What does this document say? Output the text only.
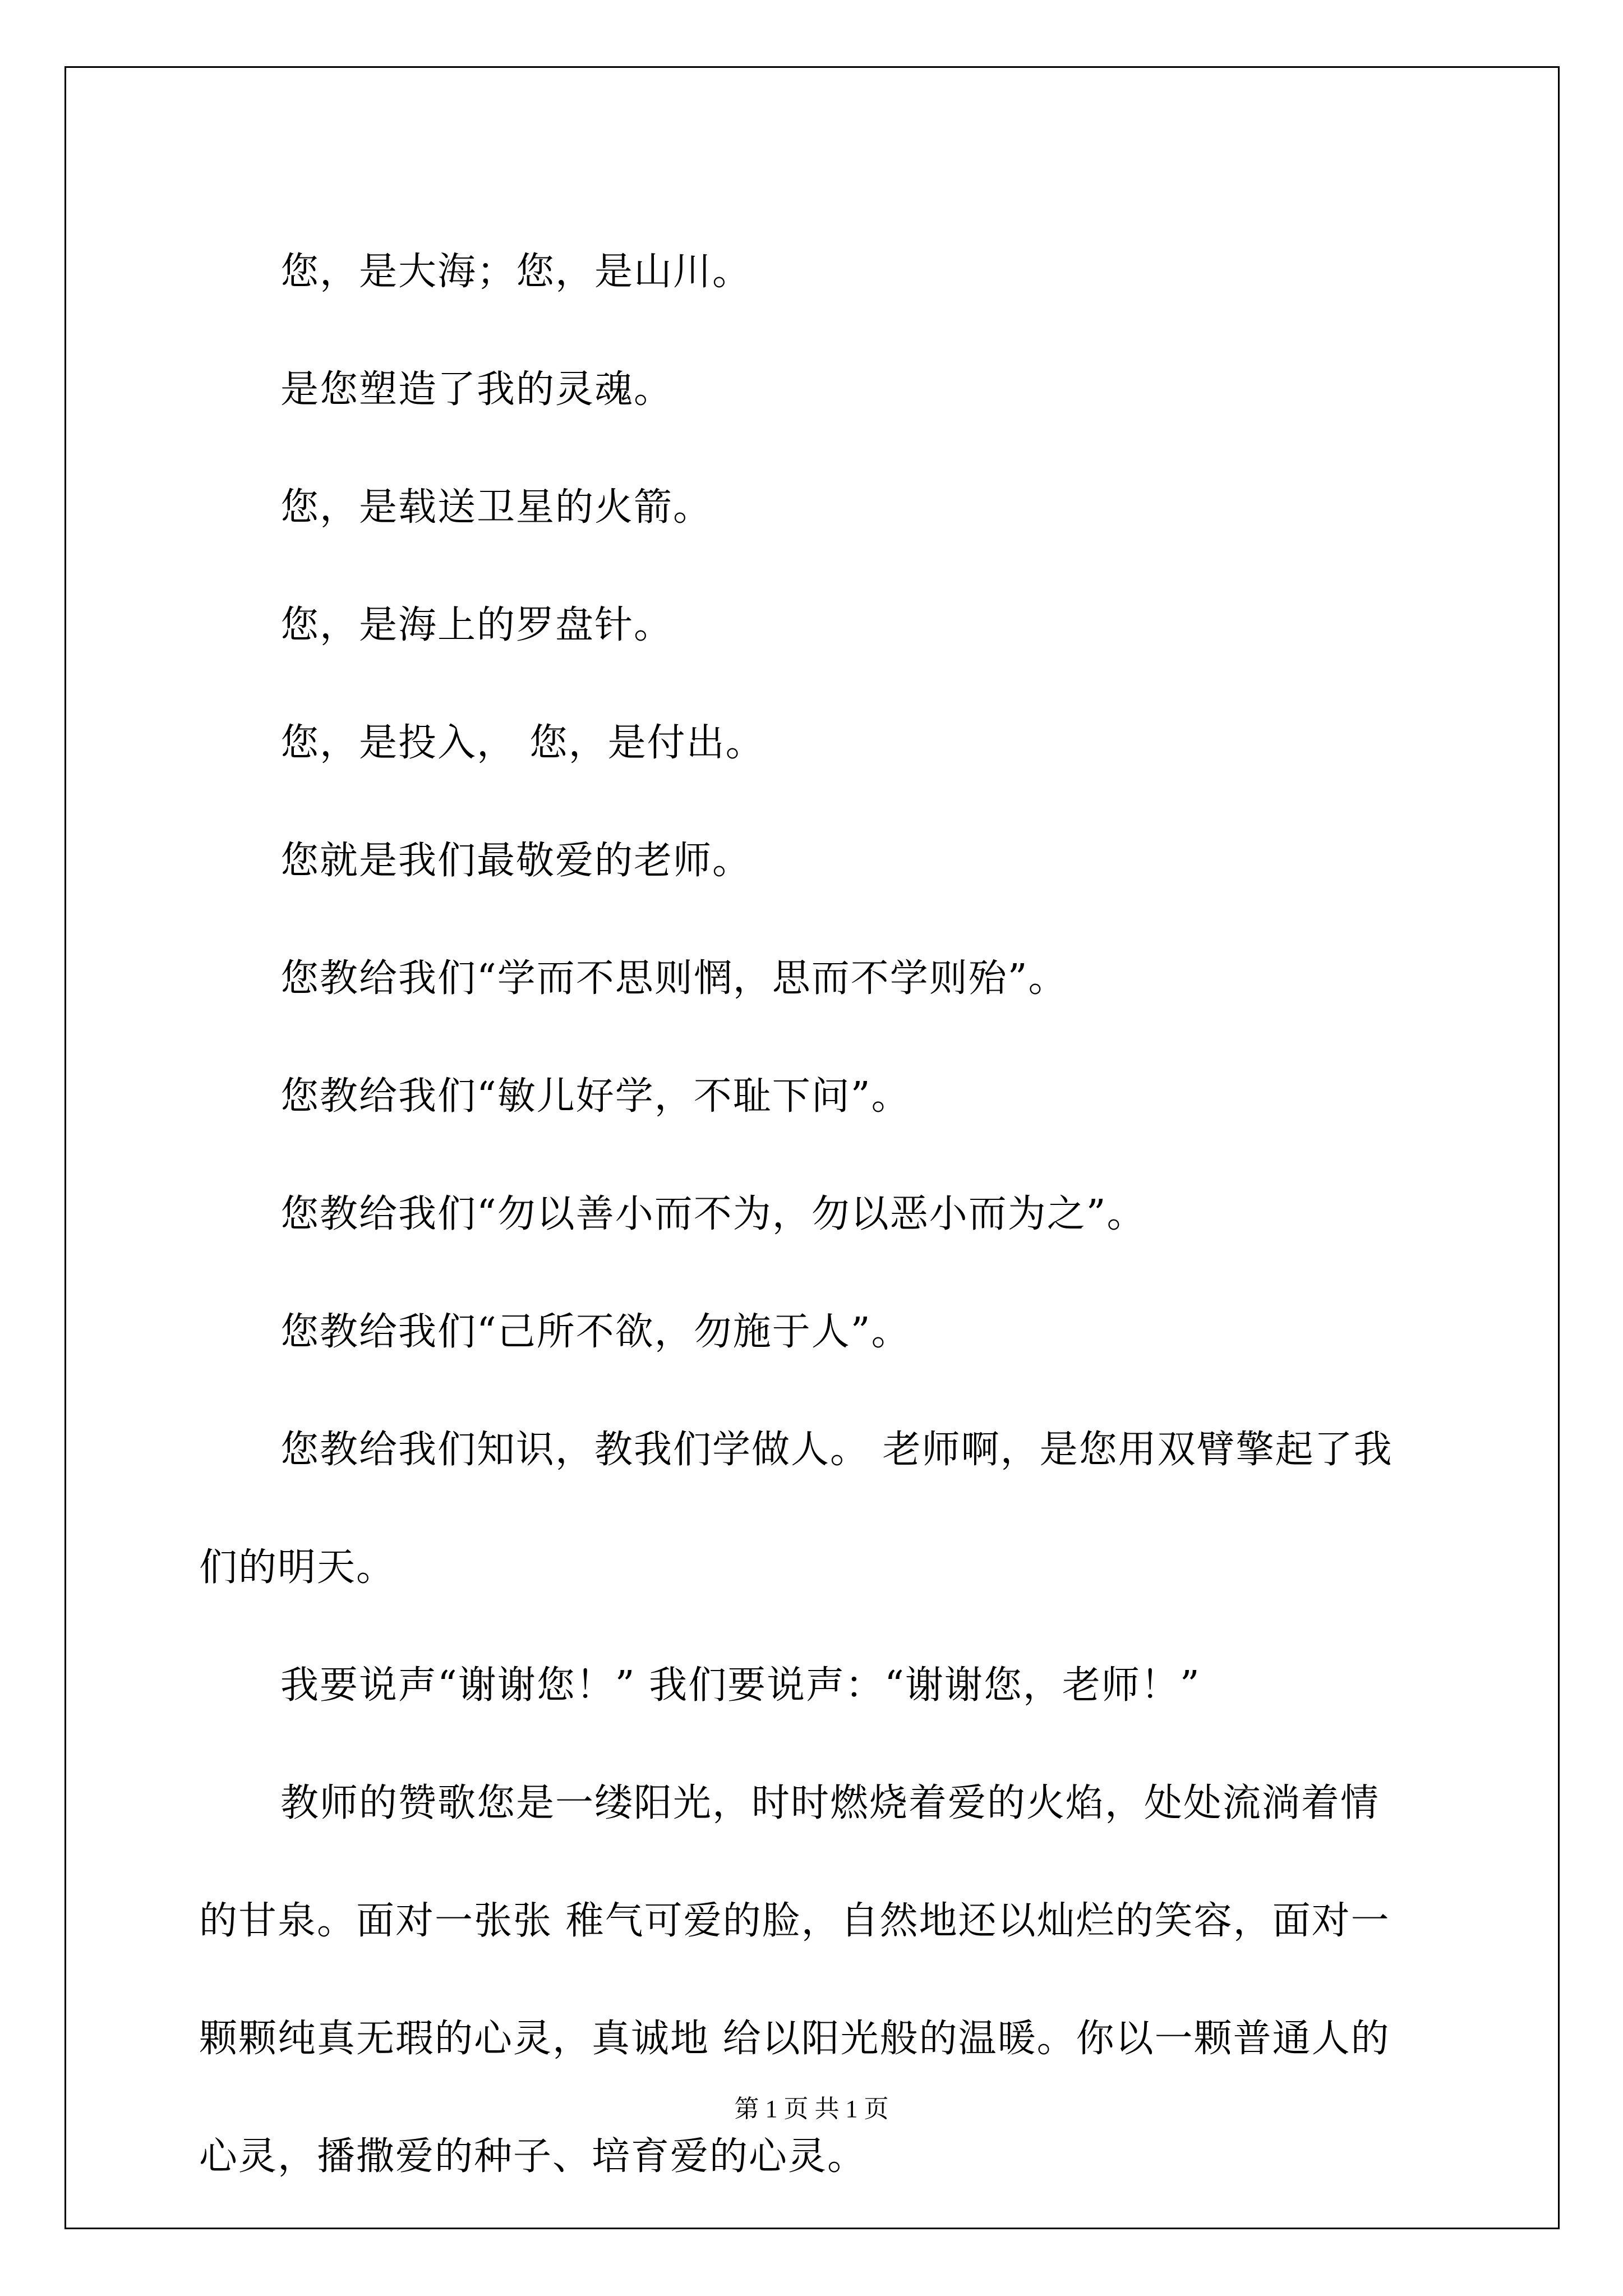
您，是大海；您，是山川。
是您塑造了我的灵魂。
您，是载送卫星的火箭。
您，是海上的罗盘针。
您，是投入， 您，是付出。
您就是我们最敬爱的老师。
您教给我们“学而不思则惘，思而不学则殆”。
您教给我们“敏儿好学，不耻下问”。
您教给我们“勿以善小而不为，勿以恶小而为之”。
您教给我们“己所不欲，勿施于人”。
您教给我们知识，教我们学做人。 老师啊，是您用双臂擎起了我
们的明天。
我要说声“谢谢您！” 我们要说声：“谢谢您，老师！”
教师的赞歌您是一缕阳光，时时燃烧着爱的火焰，处处流淌着情
的甘泉。面对一张张 稚气可爱的脸，自然地还以灿烂的笑容，面对一
颗颗纯真无瑕的心灵，真诚地 给以阳光般的温暖。你以一颗普通人的
心灵，播撒爱的种子、培育爱的心灵。
第 1 页 共 1 页
